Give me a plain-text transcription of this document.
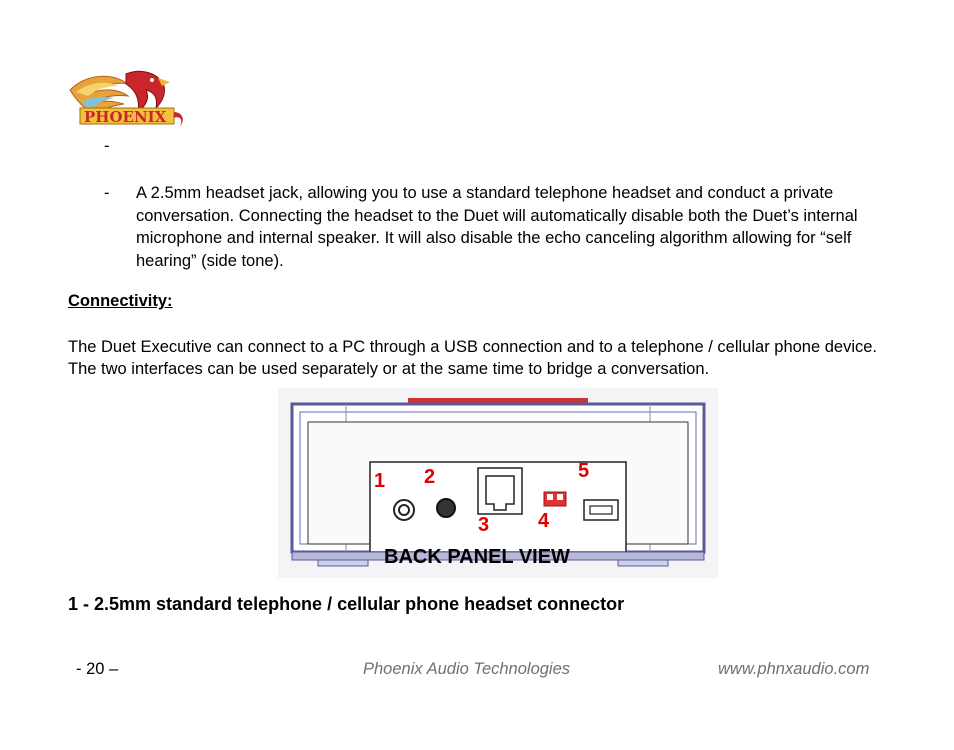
PHOENIX
-
- A 2.5mm headset jack, allowing you to use a standard telephone headset and conduct a private conversation. Connecting the headset to the Duet will automatically disable both the Duet’s internal microphone and internal speaker. It will also disable the echo canceling algorithm allowing for “self hearing” (side tone).
Connectivity:
The Duet Executive can connect to a PC through a USB connection and to a telephone / cellular phone device. The two interfaces can be used separately or at the same time to bridge a conversation.
1 2
3 4
5
BACK PANEL VIEW
1 - 2.5mm standard telephone / cellular phone headset connector
- 20 –	Phoenix Audio Technologies	www.phnxaudio.com
